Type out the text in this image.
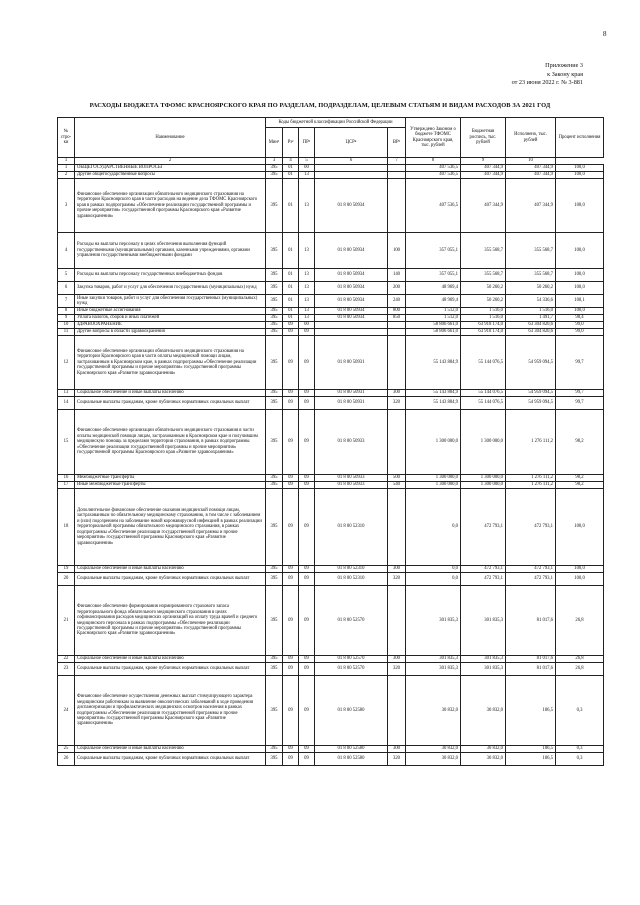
8
Приложение 3
к Закону края
от 23 июня 2022 г. № 3-881
РАСХОДЫ БЮДЖЕТА ТФОМС КРАСНОЯРСКОГО КРАЯ ПО РАЗДЕЛАМ, ПОДРАЗДЕЛАМ, ЦЕЛЕВЫМ СТАТЬЯМ И ВИДАМ РАСХОДОВ ЗА 2021 ГОД
№ стро-ки	Наименование	Коды бюджетной классификации Российской Федерации					Утверждено Законом о бюджете ТФОМС Красноярского края, тыс. рублей	Бюджетная роспись, тыс. рублей	Исполнено, тыс. рублей	Процент исполнения
		Мин¹	Рз²	ПР³	ЦСР⁴	ВР⁵				
1	2	3	4	5	6	7	8	9	10
1	ОБЩЕГОСУДАРСТВЕННЫЕ ВОПРОСЫ	395	01	00			407 536,5	407 344,9	407 344,9	100,0
2	Другие общегосударственные вопросы	395	01	13			407 536,5	407 344,9	407 344,9	100,0
3	Финансовое обеспечение организации обязательного медицинского страхования на территории Красноярского края в части расходов на ведение дела ТФОМС Красноярского края в рамках подпрограммы «Обеспечение реализации государственной программы и прочие мероприятия» государственной программы Красноярского края «Развитие здравоохранения»	395	01	13	01 8 00 50934		407 536,5	407 344,9	407 344,9	100,0
4	Расходы на выплаты персоналу в целях обеспечения выполнения функций государственными (муниципальными) органами, казенными учреждениями, органами управления государственными внебюджетными фондами	395	01	13	01 8 00 50934	100	357 055,1	355 568,7	355 568,7	100,0
5	Расходы на выплаты персоналу государственных внебюджетных фондов	395	01	13	01 8 00 50934	140	357 055,1	355 568,7	355 568,7	100,0
6	Закупка товаров, работ и услуг для обеспечения государственных (муниципальных) нужд	395	01	13	01 8 00 50934	200	48 969,4	50 260,2	50 260,2	100,0
7	Иные закупки товаров, работ и услуг для обеспечения государственных (муниципальных) нужд	395	01	13	01 8 00 50934	240	48 969,4	50 260,2	54 336,6	108,1
8	Иные бюджетные ассигнования	395	01	13	01 8 00 50934	800	1 512,0	1 516,0	1 516,0	100,0
9	Уплата налогов, сборов и иных платежей	395	01	13	01 8 00 50934	850	1 512,0	1 516,0	1 491,7	98,4
10	ЗДРАВООХРАНЕНИЕ	395	09	00			58 806 661,0	63 918 174,0	63 304 820,6	99,0
11	Другие вопросы в области здравоохранения	395	09	09			58 806 661,0	63 918 174,0	63 304 820,6	99,0
12	Финансовое обеспечение организации обязательного медицинского страхования на территории Красноярского края в части оплаты медицинской помощи лицам, застрахованным в Красноярском крае, в рамках подпрограммы «Обеспечение реализации государственной программы и прочие мероприятия» государственной программы Красноярского края «Развитие здравоохранения»	395	09	09	01 8 00 50931		55 143 884,9	55 144 076,5	54 959 094,5	99,7
13	Социальное обеспечение и иные выплаты населению	395	09	09	01 8 00 50931	300	55 143 884,9	55 144 076,5	54 959 094,5	99,7
14	Социальные выплаты гражданам, кроме публичных нормативных социальных выплат	395	09	09	01 8 00 50931	320	55 143 884,9	55 144 076,5	54 959 094,5	99,7
15	Финансовое обеспечение организации обязательного медицинского страхования в части оплаты медицинской помощи лицам, застрахованным в Красноярском крае и получившим медицинскую помощь за пределами территории страхования, в рамках подпрограммы «Обеспечение реализации государственной программы и прочие мероприятия» государственной программы Красноярского края «Развитие здравоохранения»	395	09	09	01 8 00 50933		1 300 000,0	1 300 000,0	1 276 111,2	98,2
16	Межбюджетные трансферты	395	09	09	01 8 00 50933	500	1 300 000,0	1 300 000,0	1 276 111,2	98,2
17	Иные межбюджетные трансферты	395	09	09	01 8 00 50933	540	1 300 000,0	1 300 000,0	1 276 111,2	98,2
18	Дополнительное финансовое обеспечение оказания медицинской помощи лицам, застрахованным по обязательному медицинскому страхованию, в том числе с заболеванием и (или) подозрением на заболевание новой коронавирусной инфекцией в рамках реализации территориальной программы обязательного медицинского страхования, в рамках подпрограммы «Обеспечение реализации государственной программы и прочие мероприятия» государственной программы Красноярского края «Развитие здравоохранения»	395	09	09	01 8 00 52310		0,0	472 793,1	472 793,1	100,0
19	Социальное обеспечение и иные выплаты населению	395	09	09	01 8 00 52310	300	0,0	472 793,1	472 793,1	100,0
20	Социальные выплаты гражданам, кроме публичных нормативных социальных выплат	395	09	09	01 8 00 52310	320	0,0	472 793,1	472 793,1	100,0
21	Финансовое обеспечение формирования нормированного страхового запаса территориального фонда обязательного медицинского страхования в целях софинансирования расходов медицинских организаций на оплату труда врачей и среднего медицинского персонала в рамках подпрограммы «Обеспечение реализации государственной программы и прочие мероприятия» государственной программы Красноярского края «Развитие здравоохранения»	395	09	09	01 8 00 52570		301 835,3	301 835,3	81 017,6	26,8
22	Социальное обеспечение и иные выплаты населению	395	09	09	01 8 00 52570	300	301 835,3	301 835,3	81 017,6	26,8
23	Социальные выплаты гражданам, кроме публичных нормативных социальных выплат	395	09	09	01 8 00 52570	320	301 835,3	301 835,3	81 017,6	26,8
24	Финансовое обеспечение осуществления денежных выплат стимулирующего характера медицинским работникам за выявление онкологических заболеваний в ходе проведения диспансеризации и профилактических медицинских осмотров населения в рамках подпрограммы «Обеспечение реализации государственной программы и прочие мероприятия» государственной программы Красноярского края «Развитие здравоохранения»	395	09	09	01 8 00 52580		30 832,0	30 832,0	106,5	0,3
25	Социальное обеспечение и иные выплаты населению	395	09	09	01 8 00 52580	300	30 832,0	30 832,0	106,5	0,3
26	Социальные выплаты гражданам, кроме публичных нормативных социальных выплат	395	09	09	01 8 00 52580	320	30 832,0	30 832,0	106,5	0,3
